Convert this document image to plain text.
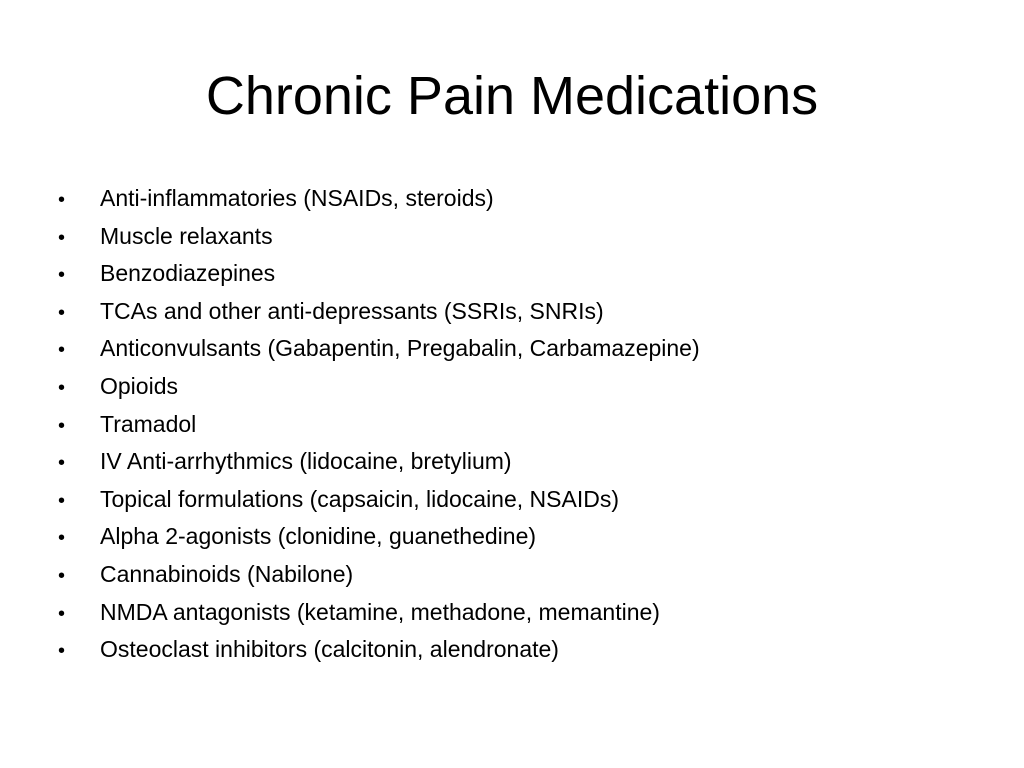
Chronic Pain Medications
•	Anti-inflammatories (NSAIDs, steroids)
•	Muscle relaxants
•	Benzodiazepines
•	TCAs and other anti-depressants (SSRIs, SNRIs)
•	Anticonvulsants (Gabapentin, Pregabalin, Carbamazepine)
•	Opioids
•	Tramadol
•	IV Anti-arrhythmics (lidocaine, bretylium)
•	Topical formulations (capsaicin, lidocaine, NSAIDs)
•	Alpha 2-agonists (clonidine, guanethedine)
•	Cannabinoids (Nabilone)
•	NMDA antagonists (ketamine, methadone, memantine)
•	Osteoclast inhibitors (calcitonin, alendronate)
